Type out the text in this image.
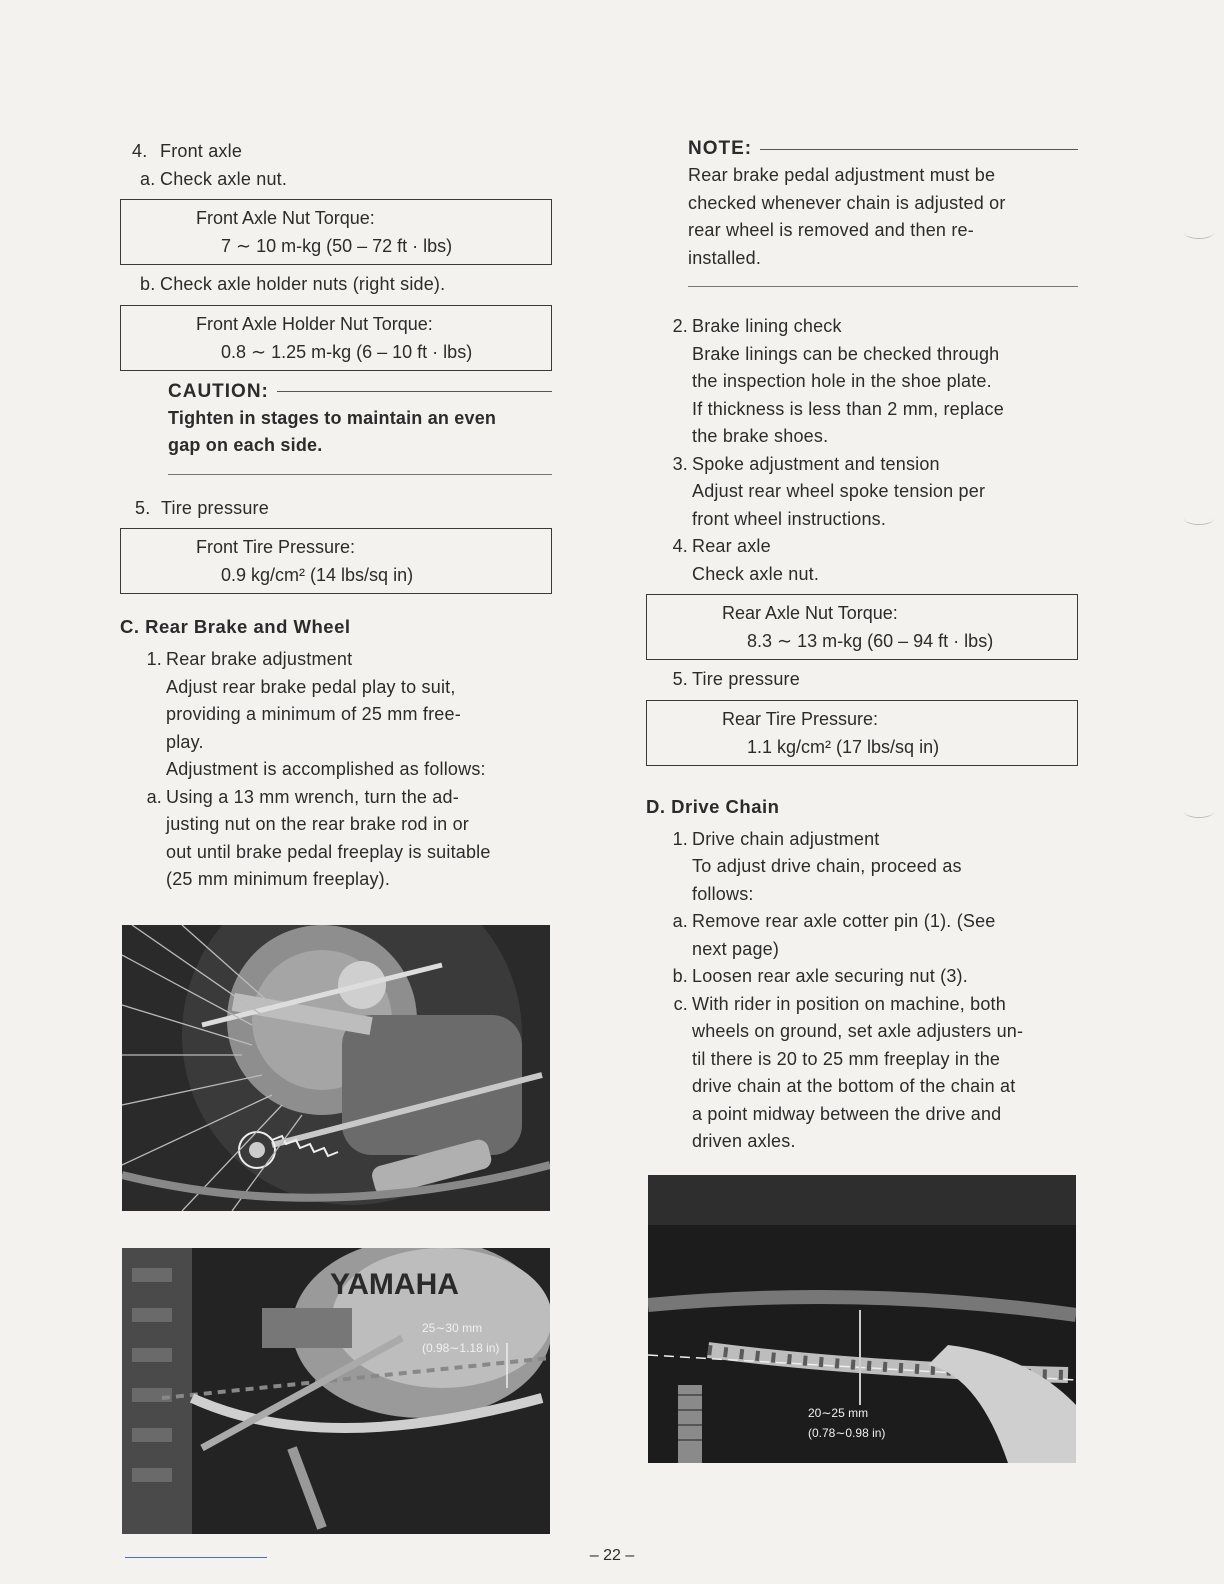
4. Front axle
a. Check axle nut.
Front Axle Nut Torque:
7 ∼ 10 m-kg (50 – 72 ft · lbs)
b. Check axle holder nuts (right side).
Front Axle Holder Nut Torque:
0.8 ∼ 1.25 m-kg (6 – 10 ft · lbs)
CAUTION:
Tighten in stages to maintain an even
gap on each side.
5. Tire pressure
Front Tire Pressure:
0.9 kg/cm² (14 lbs/sq in)
C. Rear Brake and Wheel
1. Rear brake adjustment
Adjust rear brake pedal play to suit,
providing a minimum of 25 mm free-
play.
Adjustment is accomplished as follows:
a. Using a 13 mm wrench, turn the ad-
justing nut on the rear brake rod in or
out until brake pedal freeplay is suitable
(25 mm minimum freeplay).
YAMAHA
25∼30 mm
(0.98∼1.18 in)
NOTE:
Rear brake pedal adjustment must be
checked whenever chain is adjusted or
rear wheel is removed and then re-
installed.
2. Brake lining check
Brake linings can be checked through
the inspection hole in the shoe plate.
If thickness is less than 2 mm, replace
the brake shoes.
3. Spoke adjustment and tension
Adjust rear wheel spoke tension per
front wheel instructions.
4. Rear axle
Check axle nut.
Rear Axle Nut Torque:
8.3 ∼ 13 m-kg (60 – 94 ft · lbs)
5. Tire pressure
Rear Tire Pressure:
1.1 kg/cm² (17 lbs/sq in)
D. Drive Chain
1. Drive chain adjustment
To adjust drive chain, proceed as
follows:
a. Remove rear axle cotter pin (1). (See
next page)
b. Loosen rear axle securing nut (3).
c. With rider in position on machine, both
wheels on ground, set axle adjusters un-
til there is 20 to 25 mm freeplay in the
drive chain at the bottom of the chain at
a point midway between the drive and
driven axles.
20∼25 mm
(0.78∼0.98 in)
– 22 –
